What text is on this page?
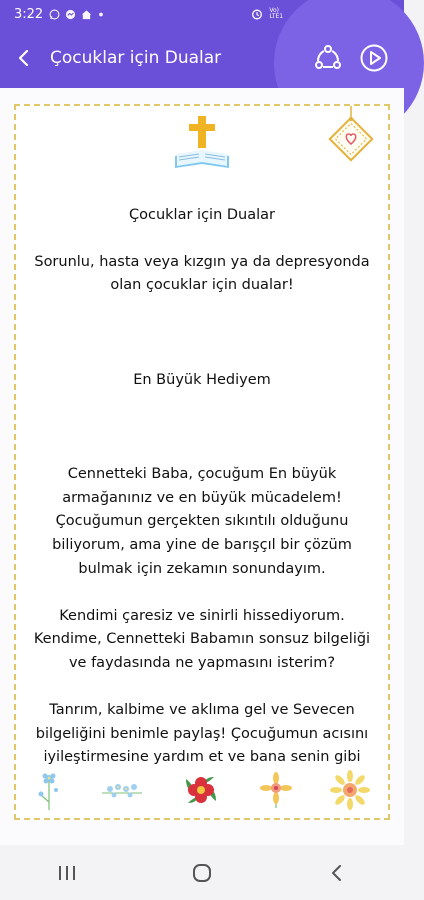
3:22	Vo) LTE1
Çocuklar için Dualar

Çocuklar için Dualar

Sorunlu, hasta veya kızgın ya da depresyonda olan çocuklar için dualar!

En Büyük Hediyem

Cennetteki Baba, çocuğum En büyük armağanınız ve en büyük mücadelem! Çocuğumun gerçekten sıkıntılı olduğunu biliyorum, ama yine de barışçıl bir çözüm bulmak için zekamın sonundayım.

Kendimi çaresiz ve sinirli hissediyorum. Kendime, Cennetteki Babamın sonsuz bilgeliği ve faydasında ne yapmasını isterim?

Tanrım, kalbime ve aklıma gel ve Sevecen bilgeliğini benimle paylaş! Çocuğumun acısını iyileştirmesine yardım et ve bana senin gibi
